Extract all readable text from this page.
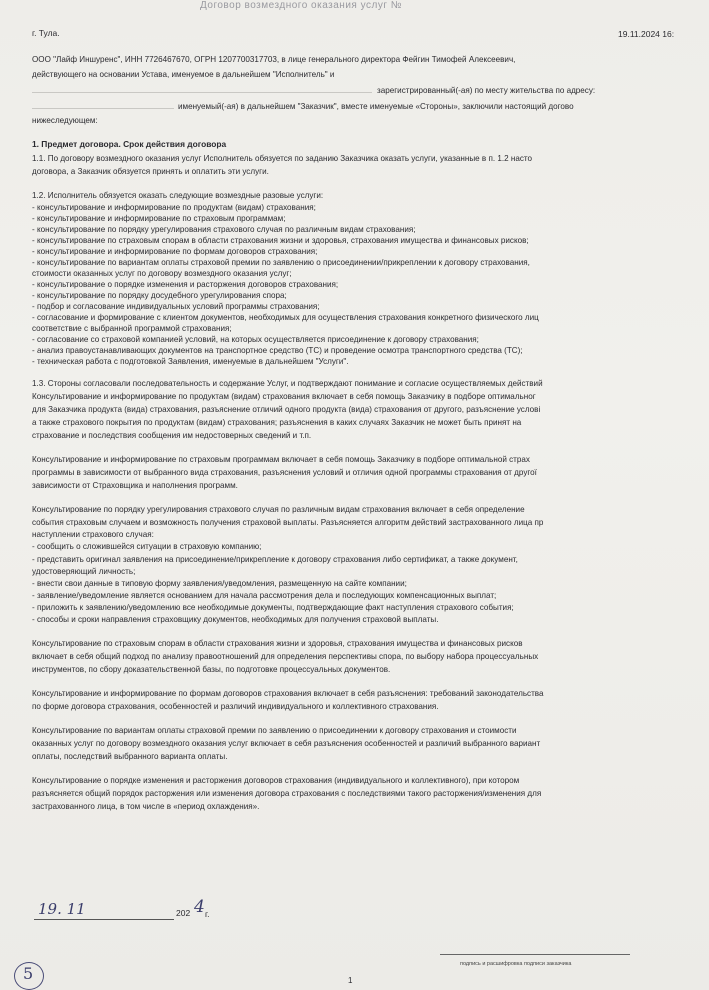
Договор возмездного оказания услуг №
г. Тула.	19.11.2024 16:
ООО "Лайф Иншуренс", ИНН 7726467670, ОГРН 1207700317703, в лице генерального директора Фейгин Тимофей Алексеевич,
действующего на основании Устава, именуемое в дальнейшем "Исполнитель" и
зарегистрированный(-ая) по месту жительства по адресу:
именуемый(-ая) в дальнейшем "Заказчик", вместе именуемые «Стороны», заключили настоящий догово
нижеследующем:
1. Предмет договора. Срок действия договора
1.1. По договору возмездного оказания услуг Исполнитель обязуется по заданию Заказчика оказать услуги, указанные в п. 1.2 насто
договора, а Заказчик обязуется принять и оплатить эти услуги.
1.2. Исполнитель обязуется оказать следующие возмездные разовые услуги:
- консультирование и информирование по продуктам (видам) страхования;
- консультирование и информирование по страховым программам;
- консультирование по порядку урегулирования страхового случая по различным видам страхования;
- консультирование по страховым спорам в области страхования жизни и здоровья, страхования имущества и финансовых рисков;
- консультирование и информирование по формам договоров страхования;
- консультирование по вариантам оплаты страховой премии по заявлению о присоединении/прикреплении к договору страхования,
стоимости оказанных услуг по договору возмездного оказания услуг;
- консультирование о порядке изменения и расторжения договоров страхования;
- консультирование по порядку досудебного урегулирования спора;
- подбор и согласование индивидуальных условий программы страхования;
- согласование и формирование с клиентом документов, необходимых для осуществления страхования конкретного физического лиц
соответствие с выбранной программой страхования;
- согласование со страховой компанией условий, на которых осуществляется присоединение к договору страхования;
- анализ правоустанавливающих документов на транспортное средство (ТС) и проведение осмотра транспортного средства (ТС);
- техническая работа с подготовкой Заявления, именуемые в дальнейшем "Услуги".
1.3. Стороны согласовали последовательность и содержание Услуг, и подтверждают понимание и согласие осуществляемых действий
Консультирование и информирование по продуктам (видам) страхования включает в себя помощь Заказчику в подборе оптимальног
для Заказчика продукта (вида) страхования, разъяснение отличий одного продукта (вида) страхования от другого, разъяснение услові
а также страхового покрытия по продуктам (видам) страхования; разъяснения в каких случаях Заказчик не может быть принят на
страхование и последствия сообщения им недостоверных сведений и т.п.
Консультирование и информирование по страховым программам включает в себя помощь Заказчику в подборе оптимальной страх
программы в зависимости от выбранного вида страхования, разъяснения условий и отличия одной программы страхования от другої
зависимости от Страховщика и наполнения программ.
Консультирование по порядку урегулирования страхового случая по различным видам страхования включает в себя определение
события страховым случаем и возможность получения страховой выплаты. Разъясняется алгоритм действий застрахованного лица пр
наступлении страхового случая:
- сообщить о сложившейся ситуации в страховую компанию;
- представить оригинал заявления на присоединение/прикрепление к договору страхования либо сертификат, а также документ,
удостоверяющий личность;
- внести свои данные в типовую форму заявления/уведомления, размещенную на сайте компании;
- заявление/уведомление является основанием для начала рассмотрения дела и последующих компенсационных выплат;
- приложить к заявлению/уведомлению все необходимые документы, подтверждающие факт наступления страхового события;
- способы и сроки направления страховщику документов, необходимых для получения страховой выплаты.
Консультирование по страховым спорам в области страхования жизни и здоровья, страхования имущества и финансовых рисков
включает в себя общий подход по анализу правоотношений для определения перспективы спора, по выбору набора процессуальных
инструментов, по сбору доказательственной базы, по подготовке процессуальных документов.
Консультирование и информирование по формам договоров страхования включает в себя разъяснения: требований законодательства
по форме договора страхования, особенностей и различий индивидуального и коллективного страхования.
Консультирование по вариантам оплаты страховой премии по заявлению о присоединении к договору страхования и стоимости
оказанных услуг по договору возмездного оказания услуг включает в себя разъяснения особенностей и различий выбранного вариант
оплаты, последствий выбранного варианта оплаты.
Консультирование о порядке изменения и расторжения договоров страхования (индивидуального и коллективного), при котором
разъясняется общий порядок расторжения или изменения договора страхования с последствиями такого расторжения/изменения для
застрахованного лица, в том числе в «период охлаждения».
19. 11	202 4 г.
подпись и расшифровка подписи заказчика
1
5
